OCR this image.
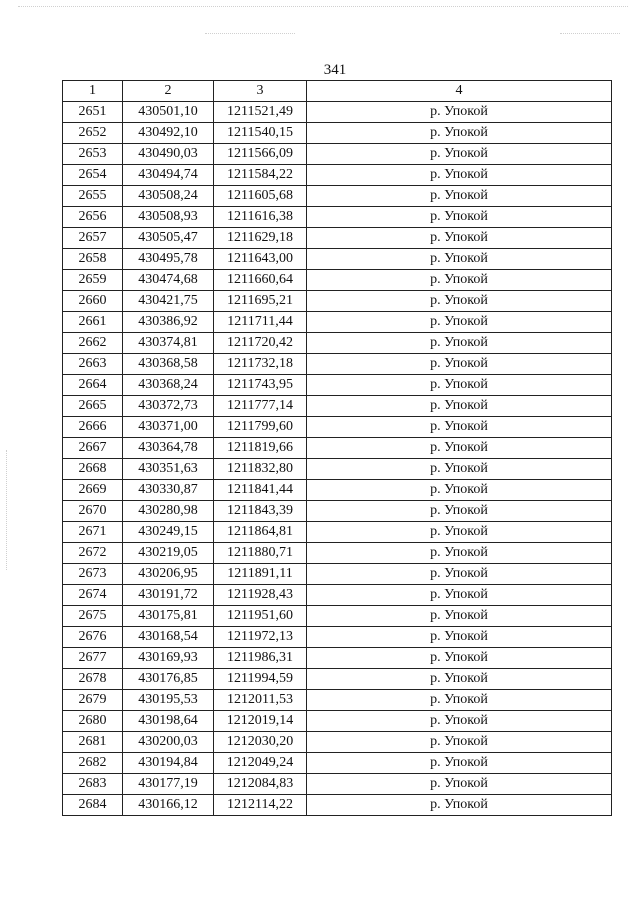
341
1	2	3	4
2651	430501,10	1211521,49	р. Упокой
2652	430492,10	1211540,15	р. Упокой
2653	430490,03	1211566,09	р. Упокой
2654	430494,74	1211584,22	р. Упокой
2655	430508,24	1211605,68	р. Упокой
2656	430508,93	1211616,38	р. Упокой
2657	430505,47	1211629,18	р. Упокой
2658	430495,78	1211643,00	р. Упокой
2659	430474,68	1211660,64	р. Упокой
2660	430421,75	1211695,21	р. Упокой
2661	430386,92	1211711,44	р. Упокой
2662	430374,81	1211720,42	р. Упокой
2663	430368,58	1211732,18	р. Упокой
2664	430368,24	1211743,95	р. Упокой
2665	430372,73	1211777,14	р. Упокой
2666	430371,00	1211799,60	р. Упокой
2667	430364,78	1211819,66	р. Упокой
2668	430351,63	1211832,80	р. Упокой
2669	430330,87	1211841,44	р. Упокой
2670	430280,98	1211843,39	р. Упокой
2671	430249,15	1211864,81	р. Упокой
2672	430219,05	1211880,71	р. Упокой
2673	430206,95	1211891,11	р. Упокой
2674	430191,72	1211928,43	р. Упокой
2675	430175,81	1211951,60	р. Упокой
2676	430168,54	1211972,13	р. Упокой
2677	430169,93	1211986,31	р. Упокой
2678	430176,85	1211994,59	р. Упокой
2679	430195,53	1212011,53	р. Упокой
2680	430198,64	1212019,14	р. Упокой
2681	430200,03	1212030,20	р. Упокой
2682	430194,84	1212049,24	р. Упокой
2683	430177,19	1212084,83	р. Упокой
2684	430166,12	1212114,22	р. Упокой
